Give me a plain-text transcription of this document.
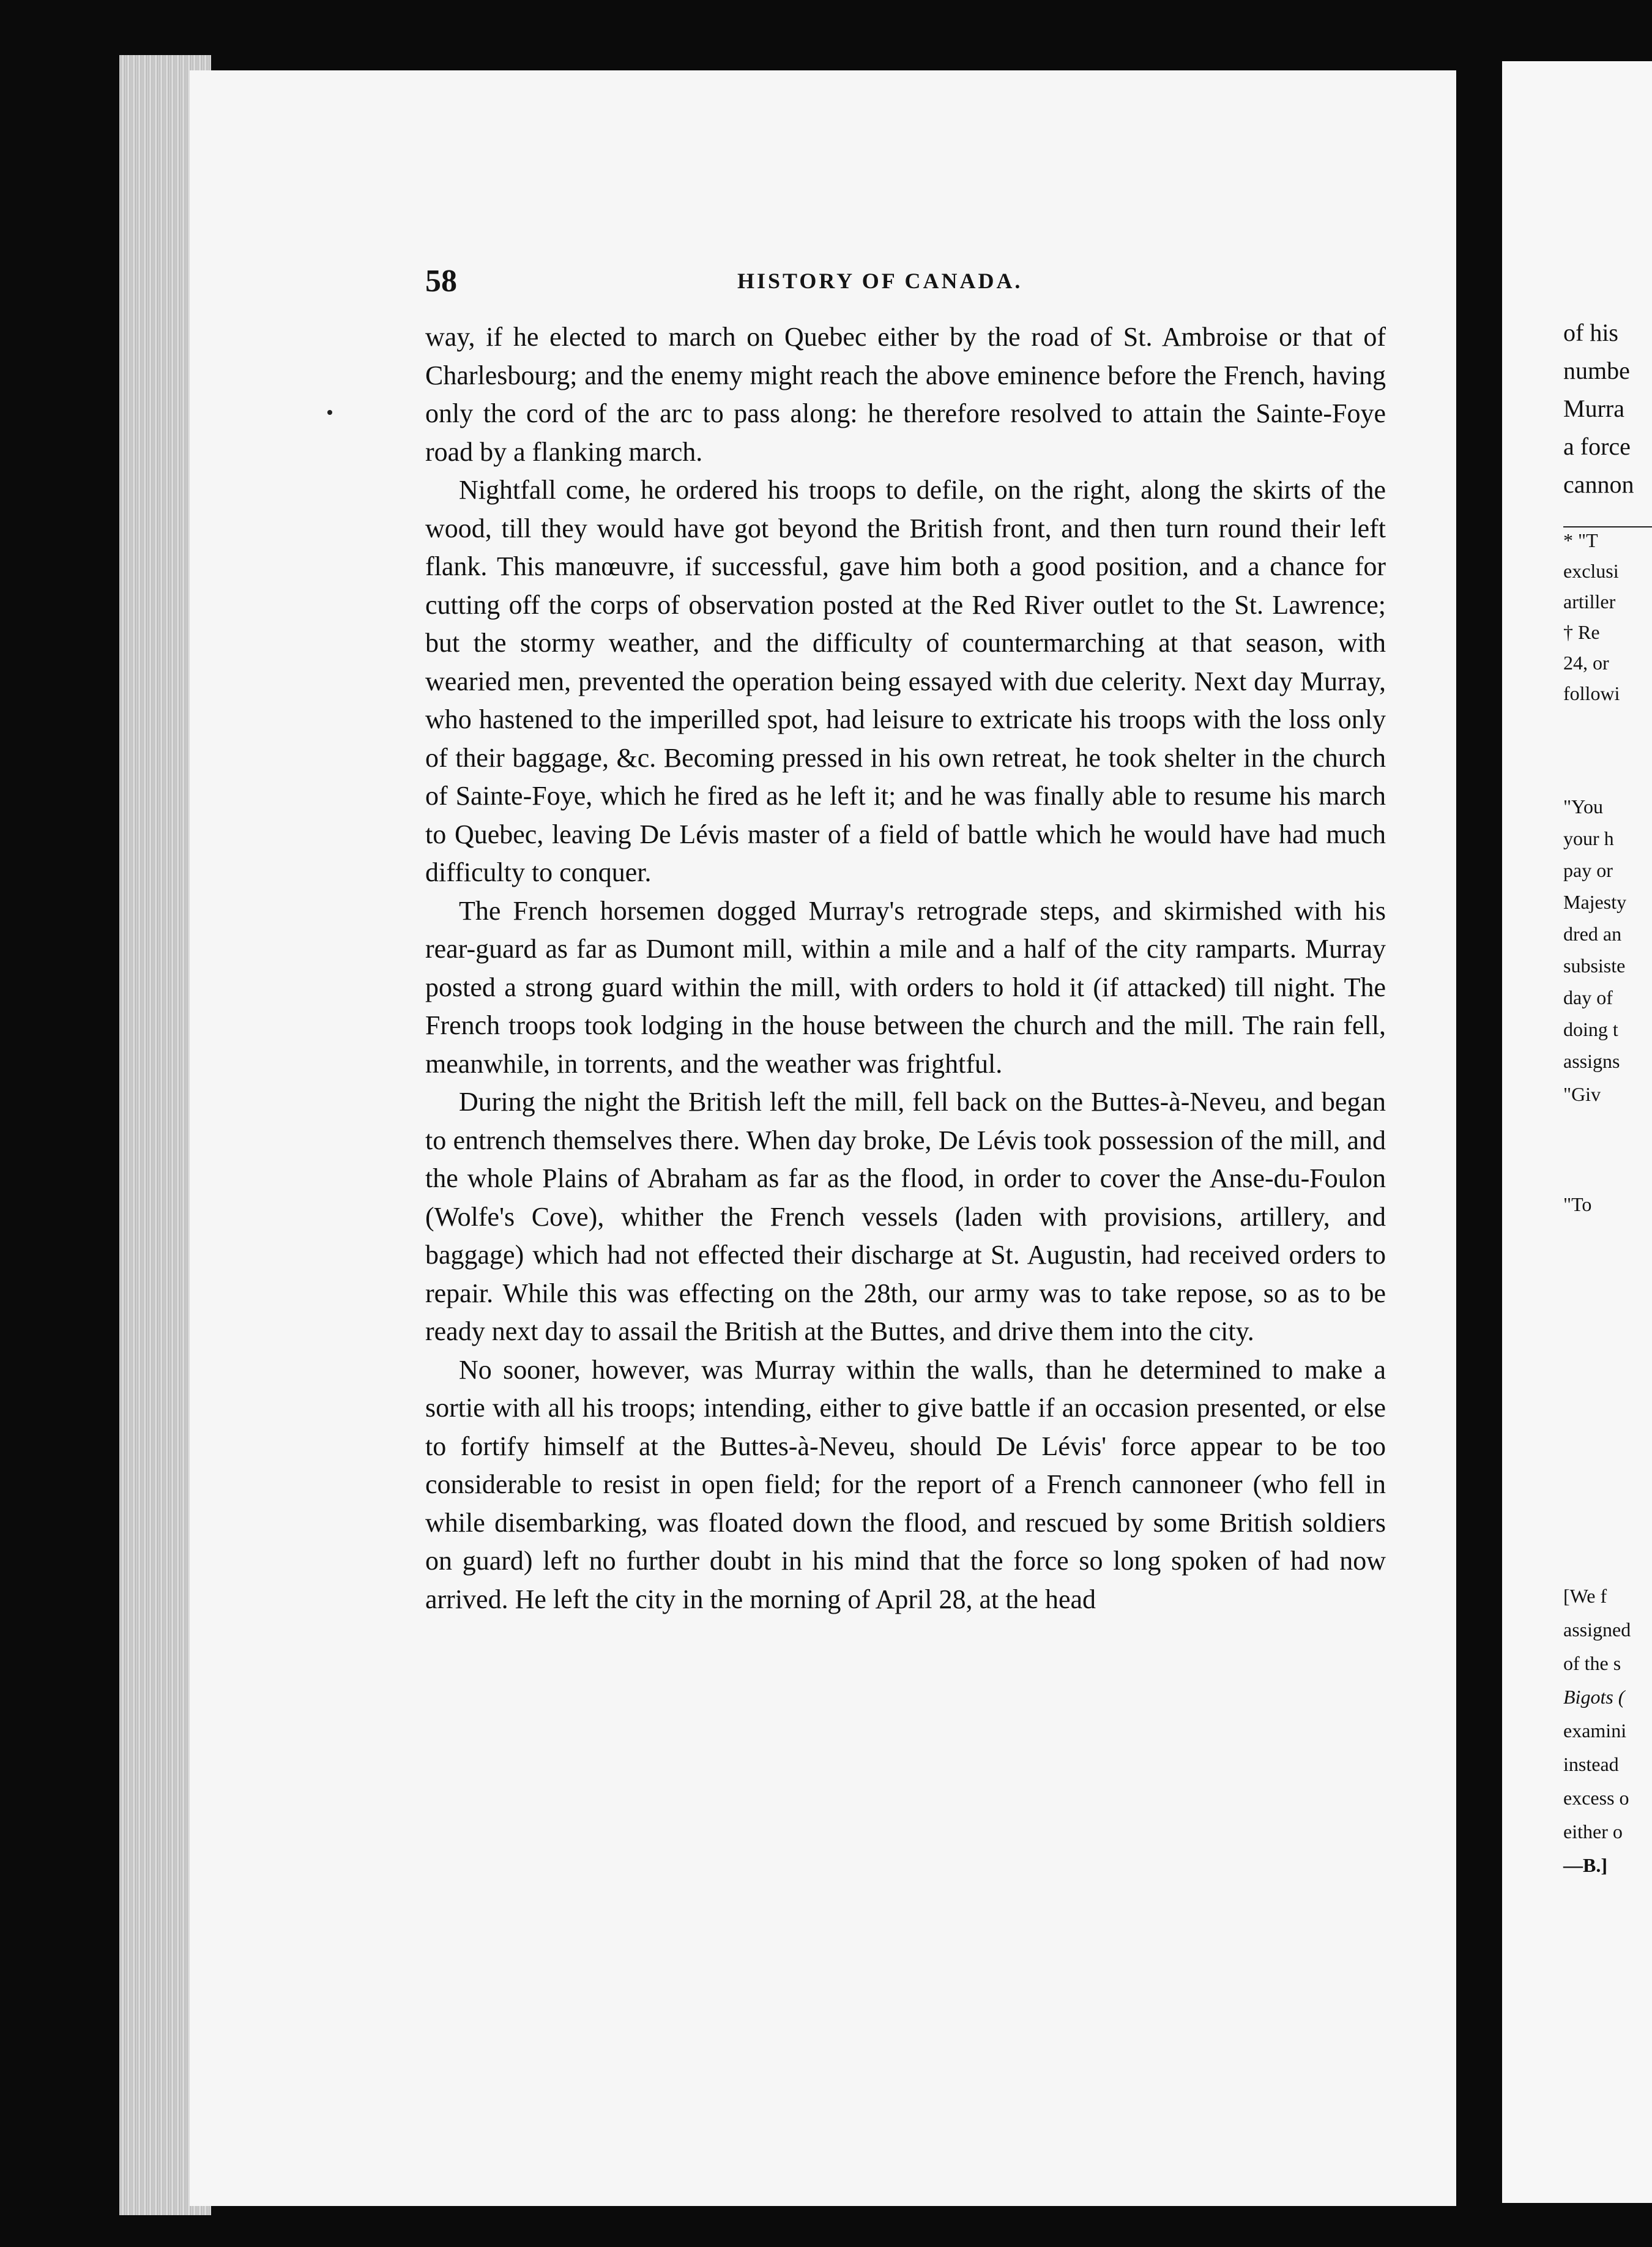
58	HISTORY OF CANADA.

way, if he elected to march on Quebec either by the road of St. Ambroise or that of Charlesbourg; and the enemy might reach the above eminence before the French, having only the cord of the arc to pass along: he therefore resolved to attain the Sainte-Foye road by a flanking march.

Nightfall come, he ordered his troops to defile, on the right, along the skirts of the wood, till they would have got beyond the British front, and then turn round their left flank. This manœuvre, if successful, gave him both a good position, and a chance for cutting off the corps of observation posted at the Red River outlet to the St. Lawrence; but the stormy weather, and the difficulty of countermarching at that season, with wearied men, prevented the operation being essayed with due celerity. Next day Murray, who hastened to the imperilled spot, had leisure to extricate his troops with the loss only of their baggage, &c. Becoming pressed in his own retreat, he took shelter in the church of Sainte-Foye, which he fired as he left it; and he was finally able to resume his march to Quebec, leaving De Lévis master of a field of battle which he would have had much difficulty to conquer.

The French horsemen dogged Murray's retrograde steps, and skirmished with his rear-guard as far as Dumont mill, within a mile and a half of the city ramparts. Murray posted a strong guard within the mill, with orders to hold it (if attacked) till night. The French troops took lodging in the house between the church and the mill. The rain fell, meanwhile, in torrents, and the weather was frightful.

During the night the British left the mill, fell back on the Buttes-à-Neveu, and began to entrench themselves there. When day broke, De Lévis took possession of the mill, and the whole Plains of Abraham as far as the flood, in order to cover the Anse-du-Foulon (Wolfe's Cove), whither the French vessels (laden with provisions, artillery, and baggage) which had not effected their discharge at St. Augustin, had received orders to repair. While this was effecting on the 28th, our army was to take repose, so as to be ready next day to assail the British at the Buttes, and drive them into the city.

No sooner, however, was Murray within the walls, than he determined to make a sortie with all his troops; intending, either to give battle if an occasion presented, or else to fortify himself at the Buttes-à-Neveu, should De Lévis' force appear to be too considerable to resist in open field; for the report of a French cannoneer (who fell in while disembarking, was floated down the flood, and rescued by some British soldiers on guard) left no further doubt in his mind that the force so long spoken of had now arrived. He left the city in the morning of April 28, at the head

of his
numbe
Murra
a force
cannon
* "T
exclusi
artiller
† Re
24, or
followi
"You
your h
pay or
Majesty
dred an
subsiste
day of
doing t
assigns
"Giv
"To
[We f
assigned
of the s
Bigots (
examini
instead
excess o
either o
—B.]
